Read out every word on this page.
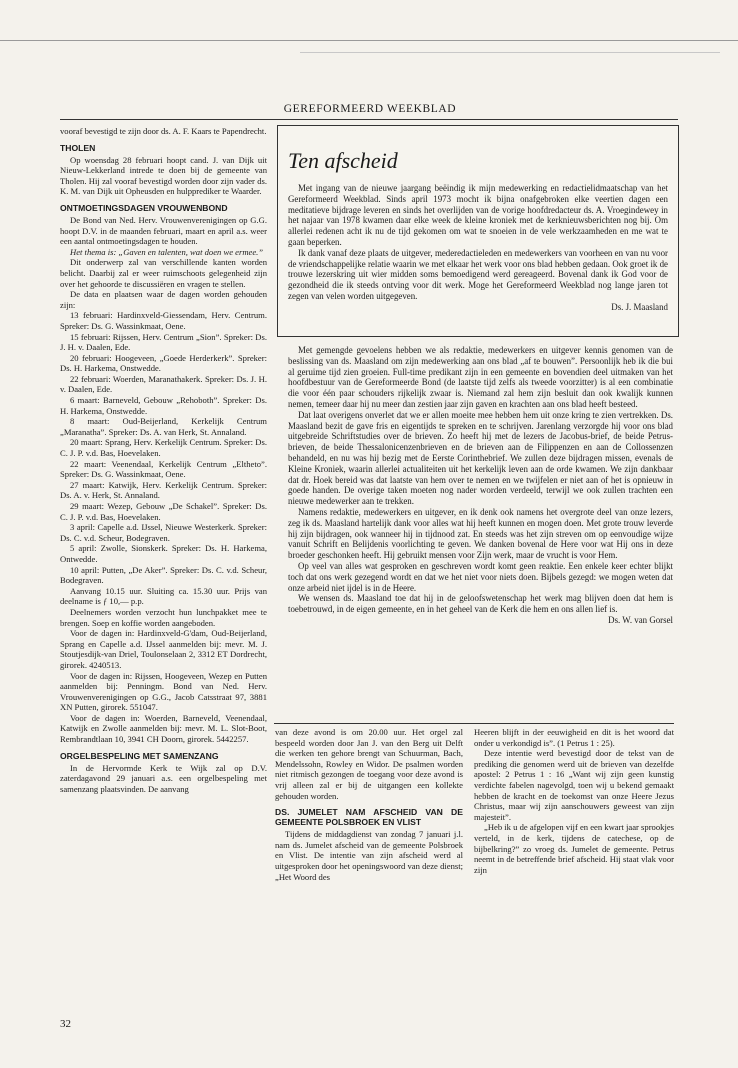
GEREFORMEERD WEEKBLAD

vooraf bevestigd te zijn door ds. A. F. Kaars te Papendrecht.

THOLEN

Op woensdag 28 februari hoopt cand. J. van Dijk uit Nieuw-Lekkerland intrede te doen bij de gemeente van Tholen. Hij zal vooraf bevestigd worden door zijn vader ds. K. M. van Dijk uit Opheusden en hulpprediker te Waarder.

ONTMOETINGSDAGEN VROUWENBOND

De Bond van Ned. Herv. Vrouwenverenigingen op G.G. hoopt D.V. in de maanden februari, maart en april a.s. weer een aantal ontmoetingsdagen te houden.

Het thema is: „Gaven en talenten, wat doen we ermee.”

Dit onderwerp zal van verschillende kanten worden belicht. Daarbij zal er weer ruimschoots gelegenheid zijn over het gehoorde te discussiëren en vragen te stellen.

De data en plaatsen waar de dagen worden gehouden zijn:

13 februari: Hardinxveld-Giessendam, Herv. Centrum. Spreker: Ds. G. Wassinkmaat, Oene.

15 februari: Rijssen, Herv. Centrum „Sion”. Spreker: Ds. J. H. v. Daalen, Ede.

20 februari: Hoogeveen, „Goede Herderkerk”. Spreker: Ds. H. Harkema, Onstwedde.

22 februari: Woerden, Maranathakerk. Spreker: Ds. J. H. v. Daalen, Ede.

6 maart: Barneveld, Gebouw „Rehoboth”. Spreker: Ds. H. Harkema, Onstwedde.

8 maart: Oud-Beijerland, Kerkelijk Centrum „Maranatha”. Spreker: Ds. A. van Herk, St. Annaland.

20 maart: Sprang, Herv. Kerkelijk Centrum. Spreker: Ds. C. J. P. v.d. Bas, Hoevelaken.

22 maart: Veenendaal, Kerkelijk Centrum „Eltheto”. Spreker: Ds. G. Wassinkmaat, Oene.

27 maart: Katwijk, Herv. Kerkelijk Centrum. Spreker: Ds. A. v. Herk, St. Annaland.

29 maart: Wezep, Gebouw „De Schakel”. Spreker: Ds. C. J. P. v.d. Bas, Hoevelaken.

3 april: Capelle a.d. IJssel, Nieuwe Westerkerk. Spreker: Ds. C. v.d. Scheur, Bodegraven.

5 april: Zwolle, Sionskerk. Spreker: Ds. H. Harkema, Ontwedde.

10 april: Putten, „De Aker”. Spreker: Ds. C. v.d. Scheur, Bodegraven.

Aanvang 10.15 uur. Sluiting ca. 15.30 uur. Prijs van deelname is ƒ 10,— p.p.

Deelnemers worden verzocht hun lunchpakket mee te brengen. Soep en koffie worden aangeboden.

Voor de dagen in: Hardinxveld-G'dam, Oud-Beijerland, Sprang en Capelle a.d. IJssel aanmelden bij: mevr. M. J. Stoutjesdijk-van Driel, Toulonselaan 2, 3312 ET Dordrecht, girorek. 4240513.

Voor de dagen in: Rijssen, Hoogeveen, Wezep en Putten aanmelden bij: Penningm. Bond van Ned. Herv. Vrouwenverenigingen op G.G., Jacob Catsstraat 97, 3881 XN Putten, girorek. 551047.

Voor de dagen in: Woerden, Barneveld, Veenendaal, Katwijk en Zwolle aanmelden bij: mevr. M. L. Slot-Boot, Rembrandtlaan 10, 3941 CH Doorn, girorek. 5442257.

ORGELBESPELING MET SAMENZANG

In de Hervormde Kerk te Wijk zal op D.V. zaterdagavond 29 januari a.s. een orgelbespeling met samenzang plaatsvinden. De aanvang

Ten afscheid

Met ingang van de nieuwe jaargang beëindig ik mijn medewerking en redactielidmaatschap van het Gereformeerd Weekblad. Sinds april 1973 mocht ik bijna onafgebroken elke veertien dagen een meditatieve bijdrage leveren en sinds het overlijden van de vorige hoofdredacteur ds. A. Vroegindewey in het najaar van 1978 kwamen daar elke week de kleine kroniek met de kerknieuwsberichten nog bij. Om allerlei redenen acht ik nu de tijd gekomen om wat te snoeien in de vele werkzaamheden en me wat te gaan beperken.

Ik dank vanaf deze plaats de uitgever, mederedactieleden en medewerkers van voorheen en van nu voor de vriendschappelijke relatie waarin we met elkaar het werk voor ons blad hebben gedaan. Ook groet ik de trouwe lezerskring uit wier midden soms bemoedigend werd gereageerd. Bovenal dank ik God voor de gezondheid die ik steeds ontving voor dit werk. Moge het Gereformeerd Weekblad nog lange jaren tot zegen van velen worden uitgegeven.

Ds. J. Maasland

Met gemengde gevoelens hebben we als redaktie, medewerkers en uitgever kennis genomen van de beslissing van ds. Maasland om zijn medewerking aan ons blad „af te bouwen”. Persoonlijk heb ik die bui al geruime tijd zien groeien. Full-time predikant zijn in een gemeente en bovendien deel uitmaken van het hoofdbestuur van de Gereformeerde Bond (de laatste tijd zelfs als tweede voorzitter) is al een combinatie die voor één paar schouders rijkelijk zwaar is. Niemand zal hem zijn besluit dan ook kwalijk kunnen nemen, temeer daar hij nu meer dan zestien jaar zijn gaven en krachten aan ons blad heeft besteed.

Dat laat overigens onverlet dat we er allen moeite mee hebben hem uit onze kring te zien vertrekken. Ds. Maasland bezit de gave fris en eigentijds te spreken en te schrijven. Jarenlang verzorgde hij voor ons blad uitgebreide Schriftstudies over de brieven. Zo heeft hij met de lezers de Jacobus-brief, de beide Petrus-brieven, de beide Thessalonicenzenbrieven en de brieven aan de Filippenzen en aan de Collossenzen behandeld, en nu was hij bezig met de Eerste Corinthebrief. We zullen deze bijdragen missen, evenals de Kleine Kroniek, waarin allerlei actualiteiten uit het kerkelijk leven aan de orde kwamen. We zijn dankbaar dat dr. Hoek bereid was dat laatste van hem over te nemen en we twijfelen er niet aan of het is opnieuw in goede handen. De overige taken moeten nog nader worden verdeeld, terwijl we ook zullen trachten een nieuwe medewerker aan te trekken.

Namens redaktie, medewerkers en uitgever, en ik denk ook namens het overgrote deel van onze lezers, zeg ik ds. Maasland hartelijk dank voor alles wat hij heeft kunnen en mogen doen. Met grote trouw leverde hij zijn bijdragen, ook wanneer hij in tijdnood zat. En steeds was het zijn streven om op eenvoudige wijze vanuit Schrift en Belijdenis voorlichting te geven. We danken bovenal de Here voor wat Hij ons in deze broeder geschonken heeft. Hij gebruikt mensen voor Zijn werk, maar de vrucht is voor Hem.

Op veel van alles wat gesproken en geschreven wordt komt geen reaktie. Een enkele keer echter blijkt toch dat ons werk gezegend wordt en dat we het niet voor niets doen. Bijbels gezegd: we mogen weten dat onze arbeid niet ijdel is in de Heere.

We wensen ds. Maasland toe dat hij in de geloofswetenschap het werk mag blijven doen dat hem is toebetrouwd, in de eigen gemeente, en in het geheel van de Kerk die hem en ons allen lief is.

Ds. W. van Gorsel

van deze avond is om 20.00 uur. Het orgel zal bespeeld worden door Jan J. van den Berg uit Delft die werken ten gehore brengt van Schuurman, Bach, Mendelssohn, Rowley en Widor. De psalmen worden niet ritmisch gezongen de toegang voor deze avond is vrij alleen zal er bij de uitgangen een kollekte gehouden worden.

DS. JUMELET NAM AFSCHEID VAN DE GEMEENTE POLSBROEK EN VLIST

Tijdens de middagdienst van zondag 7 januari j.l. nam ds. Jumelet afscheid van de gemeente Polsbroek en Vlist. De intentie van zijn afscheid werd al uitgesproken door het openingswoord van deze dienst; „Het Woord des

Heeren blijft in der eeuwigheid en dit is het woord dat onder u verkondigd is”. (1 Petrus 1 : 25).

Deze intentie werd bevestigd door de tekst van de prediking die genomen werd uit de brieven van dezelfde apostel: 2 Petrus 1 : 16 „Want wij zijn geen kunstig verdichte fabelen nagevolgd, toen wij u bekend gemaakt hebben de kracht en de toekomst van onze Heere Jezus Christus, maar wij zijn aanschouwers geweest van zijn majesteit”.

„Heb ik u de afgelopen vijf en een kwart jaar sprookjes verteld, in de kerk, tijdens de catechese, op de bijbelkring?” zo vroeg ds. Jumelet de gemeente. Petrus neemt in de betreffende brief afscheid. Hij staat vlak voor zijn

32
